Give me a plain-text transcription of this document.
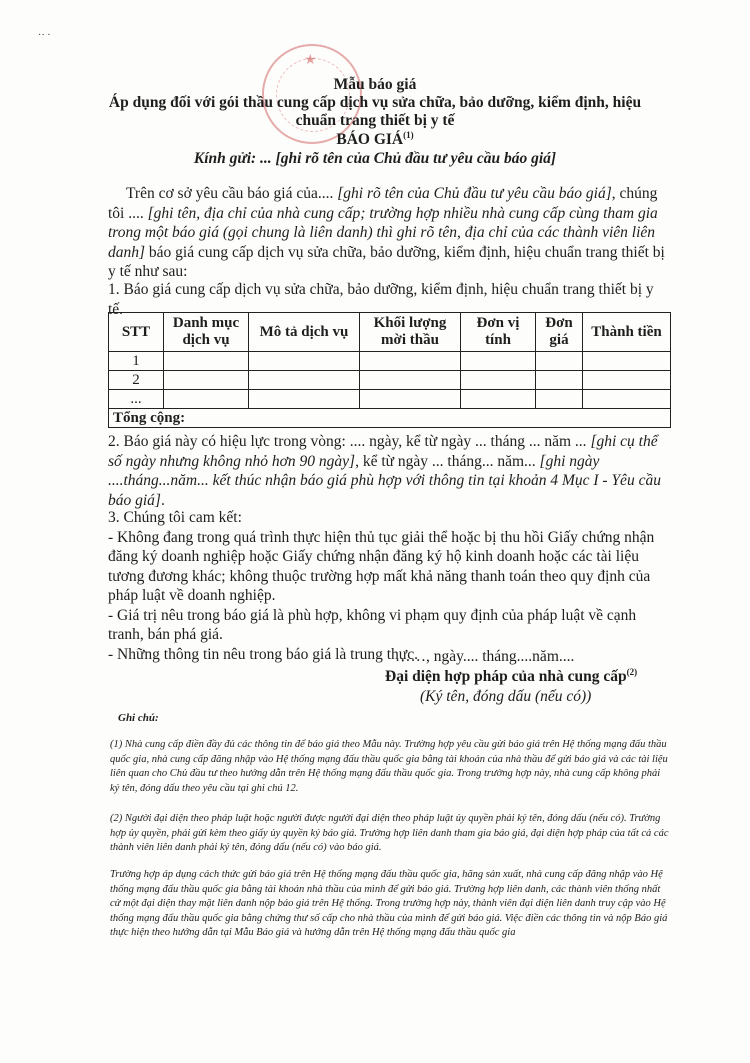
·⋅ ·
★
Mẫu báo giá
Áp dụng đối với gói thầu cung cấp dịch vụ sửa chữa, bảo dưỡng, kiểm định, hiệu
chuẩn trang thiết bị y tế
BÁO GIÁ$^{(1)}$
Kính gửi: ... [ghi rõ tên của Chủ đầu tư yêu cầu báo giá]
Trên cơ sở yêu cầu báo giá của.... [ghi rõ tên của Chủ đầu tư yêu cầu báo giá], chúng tôi .... [ghi tên, địa chỉ của nhà cung cấp; trường hợp nhiều nhà cung cấp cùng tham gia trong một báo giá (gọi chung là liên danh) thì ghi rõ tên, địa chỉ của các thành viên liên danh] báo giá cung cấp dịch vụ sửa chữa, bảo dưỡng, kiểm định, hiệu chuẩn trang thiết bị y tế như sau:
1. Báo giá cung cấp dịch vụ sửa chữa, bảo dưỡng, kiểm định, hiệu chuẩn trang thiết bị y tế.
STT	Danh mục dịch vụ	Mô tả dịch vụ	Khối lượng mời thầu	Đơn vị tính	Đơn giá	Thành tiền
1						
2						
...						
Tổng cộng:						
2. Báo giá này có hiệu lực trong vòng: .... ngày, kể từ ngày ... tháng ... năm ... [ghi cụ thể số ngày nhưng không nhỏ hơn 90 ngày], kể từ ngày ... tháng... năm... [ghi ngày ....tháng...năm... kết thúc nhận báo giá phù hợp với thông tin tại khoản 4 Mục I - Yêu cầu báo giá].
3. Chúng tôi cam kết:
- Không đang trong quá trình thực hiện thủ tục giải thể hoặc bị thu hồi Giấy chứng nhận đăng ký doanh nghiệp hoặc Giấy chứng nhận đăng ký hộ kinh doanh hoặc các tài liệu tương đương khác; không thuộc trường hợp mất khả năng thanh toán theo quy định của pháp luật về doanh nghiệp.
- Giá trị nêu trong báo giá là phù hợp, không vi phạm quy định của pháp luật về cạnh tranh, bán phá giá.
- Những thông tin nêu trong báo giá là trung thực.
……, ngày.... tháng....năm....
Đại diện hợp pháp của nhà cung cấp$^{(2)}$
(Ký tên, đóng dấu (nếu có))
Ghi chú:
(1) Nhà cung cấp điền đầy đủ các thông tin để báo giá theo Mẫu này. Trường hợp yêu cầu gửi báo giá trên Hệ thống mạng đấu thầu quốc gia, nhà cung cấp đăng nhập vào Hệ thống mạng đấu thầu quốc gia bằng tài khoản của nhà thầu để gửi báo giá và các tài liệu liên quan cho Chủ đầu tư theo hướng dẫn trên Hệ thống mạng đấu thầu quốc gia. Trong trường hợp này, nhà cung cấp không phải ký tên, đóng dấu theo yêu cầu tại ghi chú 12.
(2) Người đại diện theo pháp luật hoặc người được người đại diện theo pháp luật ủy quyền phải ký tên, đóng dấu (nếu có). Trường hợp ủy quyền, phải gửi kèm theo giấy ủy quyền ký báo giá. Trường hợp liên danh tham gia báo giá, đại diện hợp pháp của tất cả các thành viên liên danh phải ký tên, đóng dấu (nếu có) vào báo giá.
Trường hợp áp dụng cách thức gửi báo giá trên Hệ thống mạng đấu thầu quốc gia, hãng sản xuất, nhà cung cấp đăng nhập vào Hệ thống mạng đấu thầu quốc gia bằng tài khoản nhà thầu của mình để gửi báo giá. Trường hợp liên danh, các thành viên thống nhất cử một đại diện thay mặt liên danh nộp báo giá trên Hệ thống. Trong trường hợp này, thành viên đại diện liên danh truy cập vào Hệ thống mạng đấu thầu quốc gia bằng chứng thư số cấp cho nhà thầu của mình để gửi báo giá. Việc điền các thông tin và nộp Báo giá thực hiện theo hướng dẫn tại Mẫu Báo giá và hướng dẫn trên Hệ thống mạng đấu thầu quốc gia
